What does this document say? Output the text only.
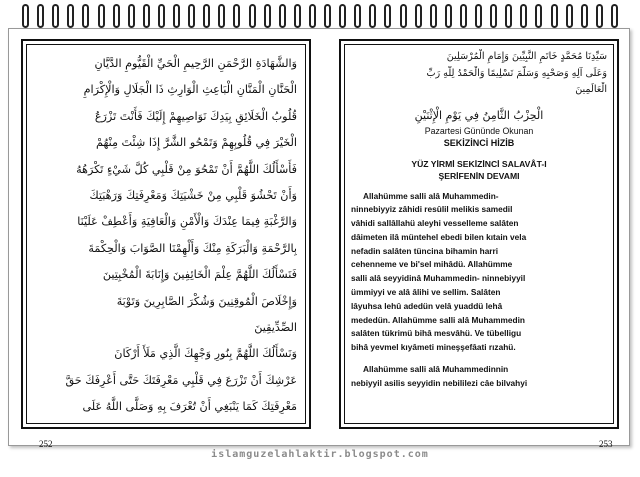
وَالشَّهَادَةِ الرَّحْمَنِ الرَّحِيمِ الْحَيِّ الْقَيُّومِ الدَّيَّانِ
الْحَنَّانِ الْمَنَّانِ الْبَاعِثِ الْوَارِثِ ذَا الْجَلَالِ وَالْإِكْرَامِ
قُلُوبُ الْخَلَائِقِ بِيَدِكَ نَوَاصِيهِمْ إِلَيْكَ فَأَنْتَ تَزْرَعُ
الْخَيْرَ فِي قُلُوبِهِمْ وَتَمْحُو الشَّرَّ إِذَا شِئْتَ مِنْهُمْ
فَأَسْأَلُكَ اللَّهُمَّ أَنْ تَمْحُوَ مِنْ قَلْبِي كُلَّ شَيْءٍ تَكْرَهُهُ
وَأَنْ تَحْشُوَ قَلْبِي مِنْ خَشْيَتِكَ وَمَعْرِفَتِكَ وَرَهْبَتِكَ
وَالرَّغْبَةِ فِيمَا عِنْدَكَ وَالْأَمْنِ وَالْعَافِيَةِ وَأَعْطِفْ عَلَيْنَا
بِالرَّحْمَةِ وَالْبَرَكَةِ مِنْكَ وَأَلْهِمْنَا الصَّوَابَ وَالْحِكْمَةَ
فَنَسْأَلُكَ اللَّهُمَّ عِلْمَ الْخَائِفِينَ وَإِنَابَةَ الْمُخْبِتِينَ
وَإِخْلَاصَ الْمُوقِنِينَ وَشُكْرَ الصَّابِرِينَ وَتَوْبَةَ
الصِّدِّيقِينَ
وَنَسْأَلُكَ اللَّهُمَّ بِنُورِ وَجْهِكَ الَّذِي مَلَأَ أَرْكَانَ
عَرْشِكَ أَنْ تَزْرَعَ فِي قَلْبِي مَعْرِفَتَكَ حَتَّى أَعْرِفَكَ حَقَّ
مَعْرِفَتِكَ كَمَا يَنْبَغِي أَنْ تُعْرَفَ بِهِ وَصَلَّى اللَّهُ عَلَى
سَيِّدِنَا مُحَمَّدٍ خَاتَمِ النَّبِيِّينَ وَإِمَامِ الْمُرْسَلِينَ
وَعَلَى آلِهِ وَصَحْبِهِ وَسَلَّمَ تَسْلِيمًا وَالْحَمْدُ لِلَّهِ رَبِّ
الْعَالَمِينَ
الْحِزْبُ الثَّامِنُ فِي يَوْمِ الْإِثْنَيْنِ
Pazartesi Gününde Okunan
SEKİZİNCİ HİZİB
YÜZ YİRMİ SEKİZİNCİ SALAVÂT-I
ŞERİFENİN DEVAMI
Allahümme salli alâ Muhammedin-
ninnebiyyiz zâhidi resûlil melikis samedil
vâhidi sallâllahü aleyhi vesselleme salâten
dâimeten ilâ müntehel ebedi bilen kıtain vela
nefadin salâten tüncina bihamin harri
cehenneme ve bi'sel mihâdü. Allahümme
salli alâ seyyidinâ Muhammedin- ninnebiyyil
ümmiyyi ve alâ âlihi ve sellim. Salâten
lâyuhsa lehû adedün velâ yuaddü lehâ
mededün. Allahümme salli alâ Muhammedin
salâten tükrimü bihâ mesvâhü. Ve tübelligu
bihâ yevmel kıyâmeti mineşşefâati rızahü.
Allahümme salli alâ Muhammedinnin
nebiyyil asilis seyyidin nebililezi câe bilvahyi
252	253
islamguzelahlaktir.blogspot.com
